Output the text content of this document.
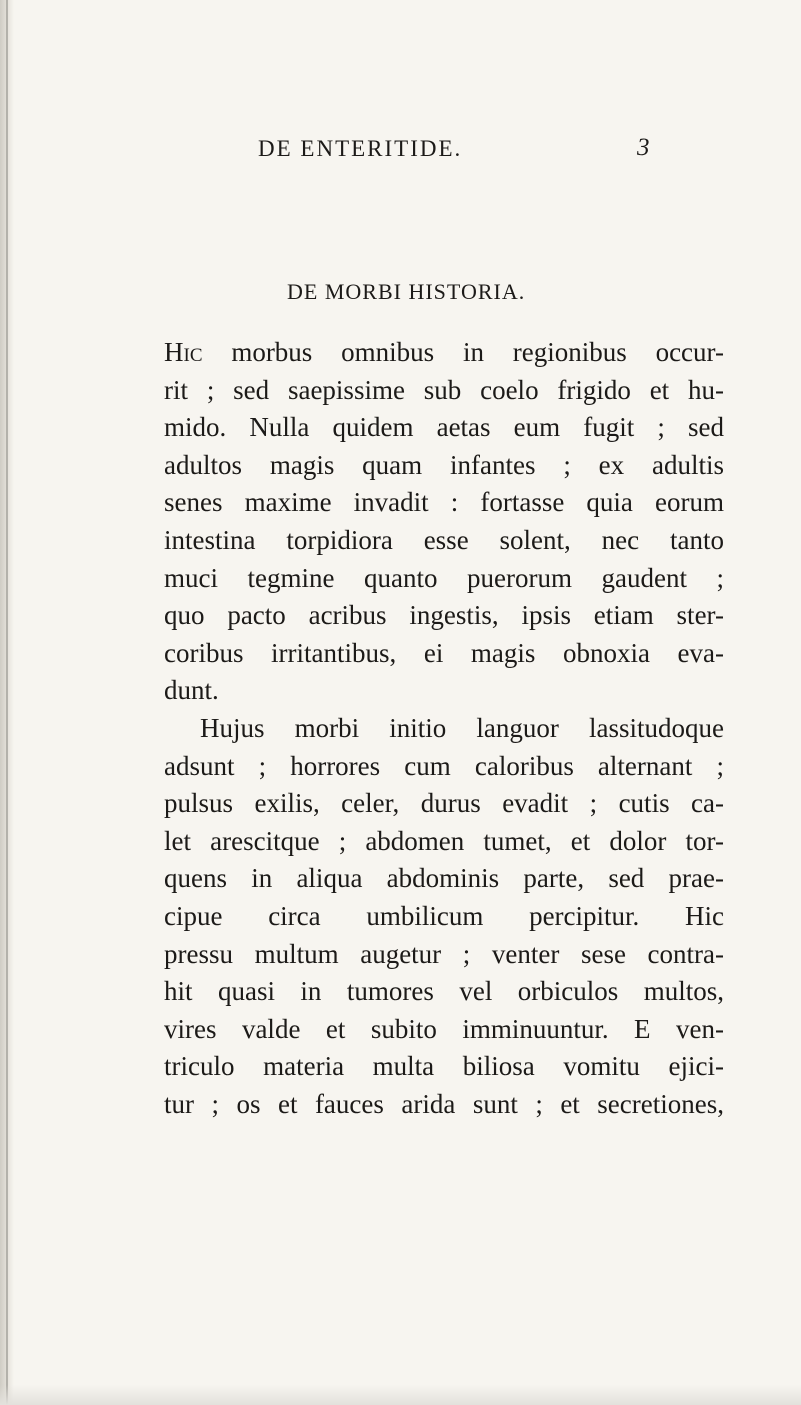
DE ENTERITIDE.	3
DE MORBI HISTORIA.
Hic morbus omnibus in regionibus occur-
rit ; sed saepissime sub coelo frigido et hu-
mido. Nulla quidem aetas eum fugit ; sed
adultos magis quam infantes ; ex adultis
senes maxime invadit : fortasse quia eorum
intestina torpidiora esse solent, nec tanto
muci tegmine quanto puerorum gaudent ;
quo pacto acribus ingestis, ipsis etiam ster-
coribus irritantibus, ei magis obnoxia eva-
dunt.
Hujus morbi initio languor lassitudoque
adsunt ; horrores cum caloribus alternant ;
pulsus exilis, celer, durus evadit ; cutis ca-
let arescitque ; abdomen tumet, et dolor tor-
quens in aliqua abdominis parte, sed prae-
cipue circa umbilicum percipitur. Hic
pressu multum augetur ; venter sese contra-
hit quasi in tumores vel orbiculos multos,
vires valde et subito imminuuntur. E ven-
triculo materia multa biliosa vomitu ejici-
tur ; os et fauces arida sunt ; et secretiones,
